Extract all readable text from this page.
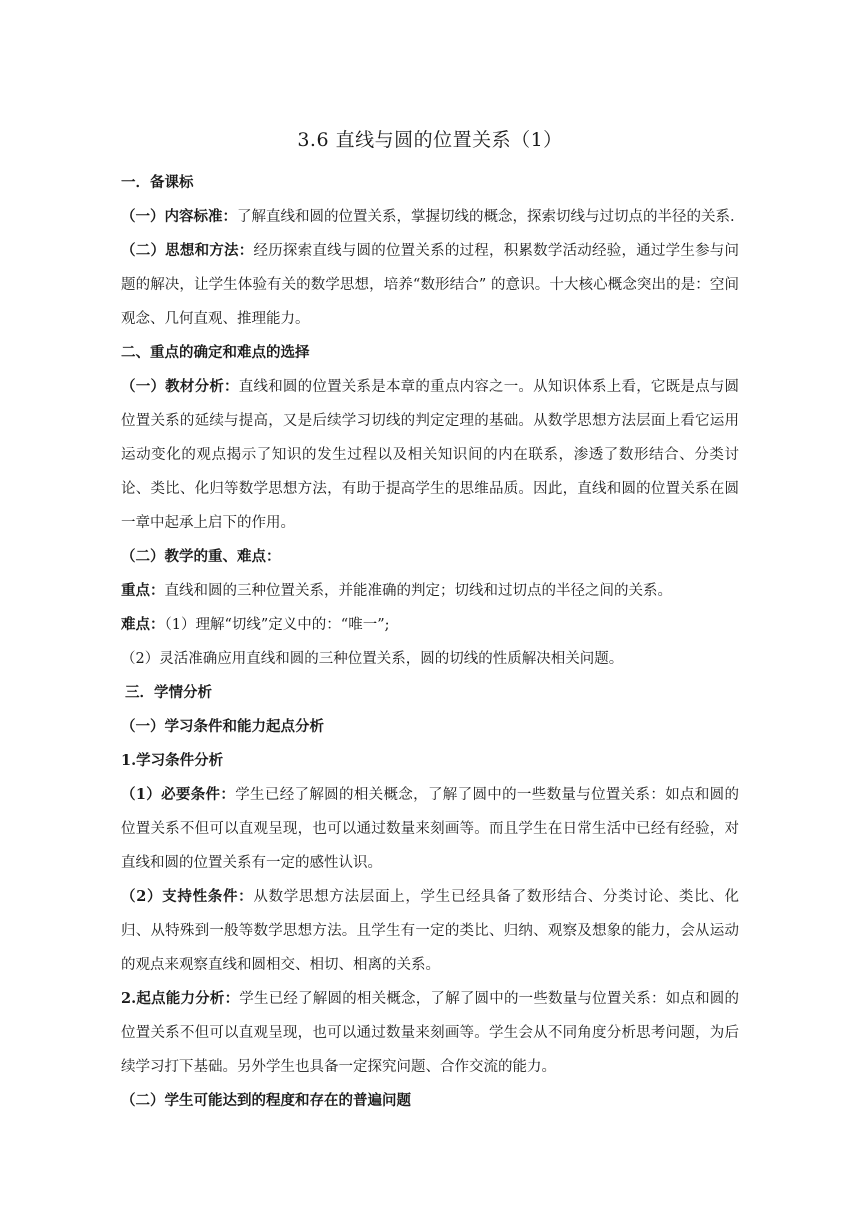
3.6 直线与圆的位置关系（1）

一．备课标

（一）内容标准：了解直线和圆的位置关系，掌握切线的概念，探索切线与过切点的半径的关系.

（二）思想和方法：经历探索直线与圆的位置关系的过程，积累数学活动经验，通过学生参与问题的解决，让学生体验有关的数学思想，培养“数形结合” 的意识。十大核心概念突出的是：空间观念、几何直观、推理能力。

二、重点的确定和难点的选择

（一）教材分析：直线和圆的位置关系是本章的重点内容之一。从知识体系上看，它既是点与圆位置关系的延续与提高，又是后续学习切线的判定定理的基础。从数学思想方法层面上看它运用运动变化的观点揭示了知识的发生过程以及相关知识间的内在联系，渗透了数形结合、分类讨论、类比、化归等数学思想方法，有助于提高学生的思维品质。因此，直线和圆的位置关系在圆一章中起承上启下的作用。

（二）教学的重、难点：

重点：直线和圆的三种位置关系，并能准确的判定；切线和过切点的半径之间的关系。

难点：（1）理解“切线”定义中的：“唯一”;

（2）灵活准确应用直线和圆的三种位置关系，圆的切线的性质解决相关问题。

三．学情分析

（一）学习条件和能力起点分析

1.学习条件分析

（1）必要条件：学生已经了解圆的相关概念，了解了圆中的一些数量与位置关系：如点和圆的位置关系不但可以直观呈现，也可以通过数量来刻画等。而且学生在日常生活中已经有经验，对直线和圆的位置关系有一定的感性认识。

（2）支持性条件：从数学思想方法层面上，学生已经具备了数形结合、分类讨论、类比、化归、从特殊到一般等数学思想方法。且学生有一定的类比、归纳、观察及想象的能力，会从运动的观点来观察直线和圆相交、相切、相离的关系。

2.起点能力分析：学生已经了解圆的相关概念，了解了圆中的一些数量与位置关系：如点和圆的位置关系不但可以直观呈现，也可以通过数量来刻画等。学生会从不同角度分析思考问题，为后续学习打下基础。另外学生也具备一定探究问题、合作交流的能力。

（二）学生可能达到的程度和存在的普遍问题
